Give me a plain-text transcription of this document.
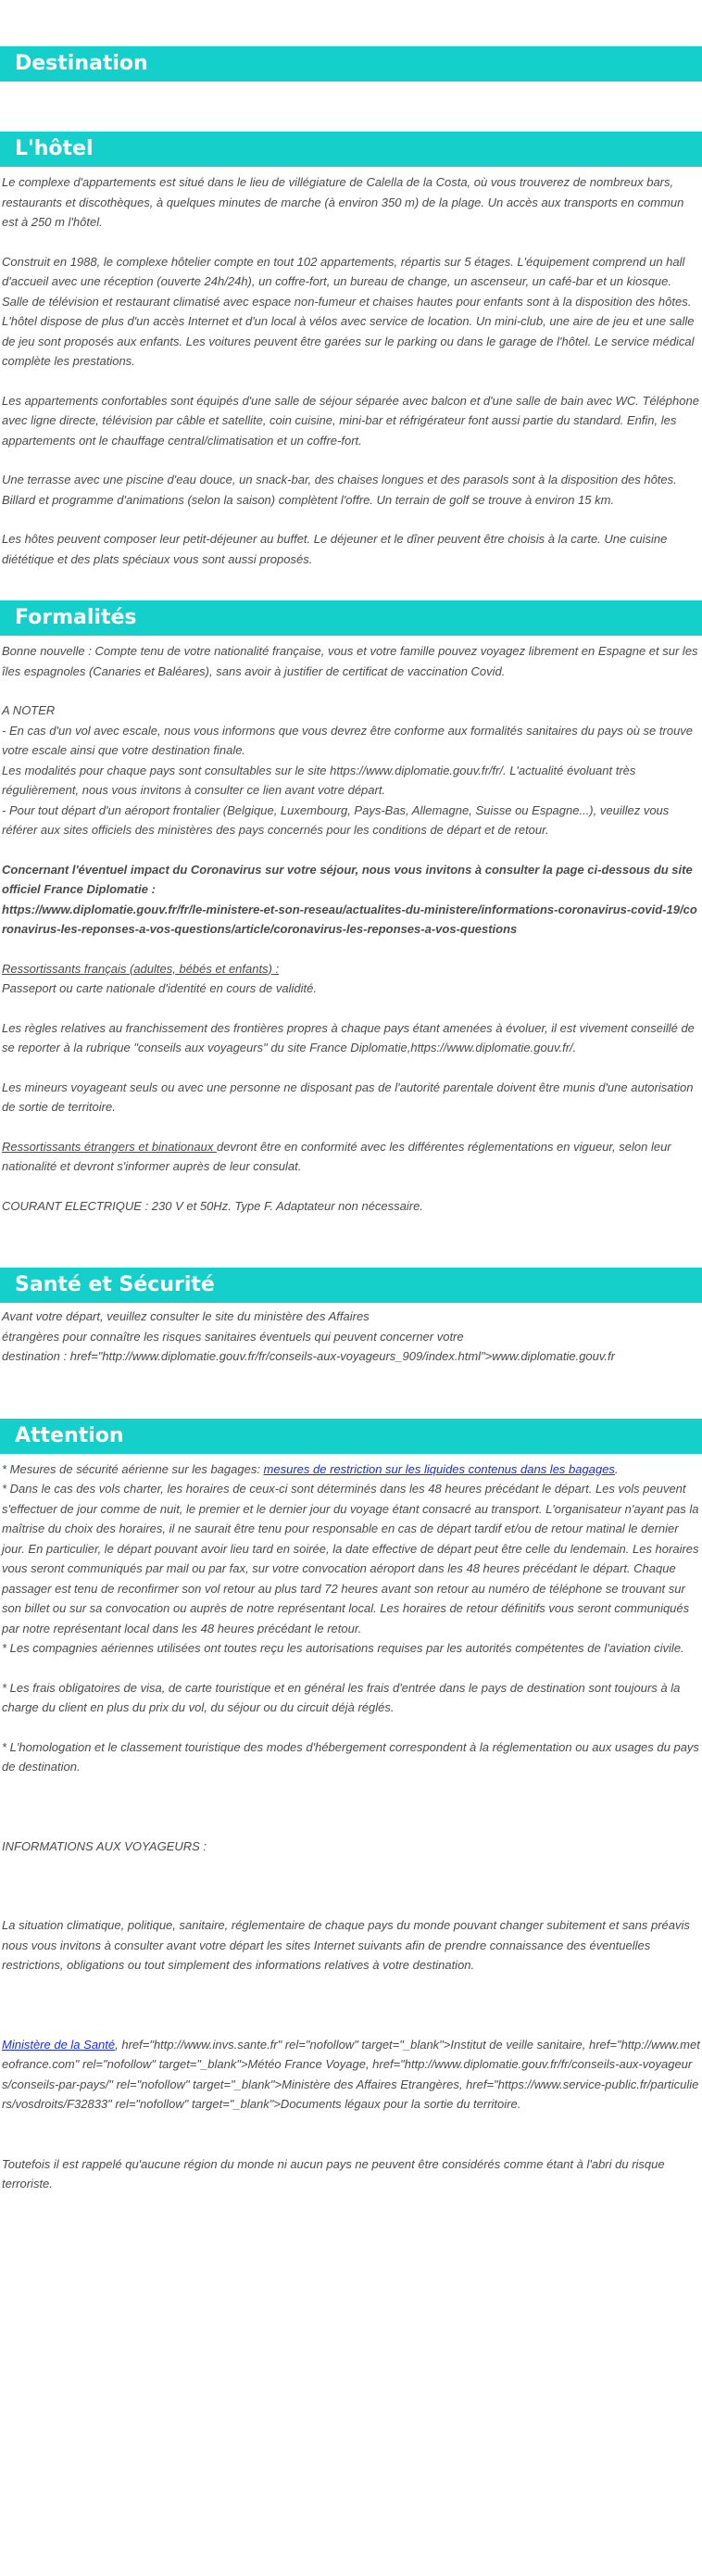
Destination
L'hôtel

Le complexe d'appartements est situé dans le lieu de villégiature de Calella de la Costa, où vous trouverez de nombreux bars, restaurants et discothèques, à quelques minutes de marche (à environ 350 m) de la plage. Un accès aux transports en commun est à 250 m l'hôtel.

Construit en 1988, le complexe hôtelier compte en tout 102 appartements, répartis sur 5 étages. L'équipement comprend un hall d'accueil avec une réception (ouverte 24h/24h), un coffre-fort, un bureau de change, un ascenseur, un café-bar et un kiosque. Salle de télévision et restaurant climatisé avec espace non-fumeur et chaises hautes pour enfants sont à la disposition des hôtes. L'hôtel dispose de plus d'un accès Internet et d'un local à vélos avec service de location. Un mini-club, une aire de jeu et une salle de jeu sont proposés aux enfants. Les voitures peuvent être garées sur le parking ou dans le garage de l'hôtel. Le service médical complète les prestations.

Les appartements confortables sont équipés d'une salle de séjour séparée avec balcon et d'une salle de bain avec WC. Téléphone avec ligne directe, télévision par câble et satellite, coin cuisine, mini-bar et réfrigérateur font aussi partie du standard. Enfin, les appartements ont le chauffage central/climatisation et un coffre-fort.

Une terrasse avec une piscine d'eau douce, un snack-bar, des chaises longues et des parasols sont à la disposition des hôtes. Billard et programme d'animations (selon la saison) complètent l'offre. Un terrain de golf se trouve à environ 15 km.

Les hôtes peuvent composer leur petit-déjeuner au buffet. Le déjeuner et le dîner peuvent être choisis à la carte. Une cuisine diététique et des plats spéciaux vous sont aussi proposés.

Formalités

Bonne nouvelle : Compte tenu de votre nationalité française, vous et votre famille pouvez voyagez librement en Espagne et sur les îles espagnoles (Canaries et Baléares), sans avoir à justifier de certificat de vaccination Covid.

A NOTER

- En cas d'un vol avec escale, nous vous informons que vous devrez être conforme aux formalités sanitaires du pays où se trouve votre escale ainsi que votre destination finale.

Les modalités pour chaque pays sont consultables sur le site https://www.diplomatie.gouv.fr/fr/. L'actualité évoluant très régulièrement, nous vous invitons à consulter ce lien avant votre départ.

- Pour tout départ d'un aéroport frontalier (Belgique, Luxembourg, Pays-Bas, Allemagne, Suisse ou Espagne...), veuillez vous référer aux sites officiels des ministères des pays concernés pour les conditions de départ et de retour.

Concernant l'éventuel impact du Coronavirus sur votre séjour, nous vous invitons à consulter la page ci-dessous du site officiel France Diplomatie :

https://www.diplomatie.gouv.fr/fr/le-ministere-et-son-reseau/actualites-du-ministere/informations-coronavirus-covid-19/coronavirus-les-reponses-a-vos-questions/article/coronavirus-les-reponses-a-vos-questions

Ressortissants français (adultes, bébés et enfants) :

Passeport ou carte nationale d'identité en cours de validité.

Les règles relatives au franchissement des frontières propres à chaque pays étant amenées à évoluer, il est vivement conseillé de se reporter à la rubrique "conseils aux voyageurs" du site France Diplomatie,https://www.diplomatie.gouv.fr/.

Les mineurs voyageant seuls ou avec une personne ne disposant pas de l'autorité parentale doivent être munis d'une autorisation de sortie de territoire.

Ressortissants étrangers et binationaux devront être en conformité avec les différentes réglementations en vigueur, selon leur nationalité et devront s'informer auprès de leur consulat.

COURANT ELECTRIQUE : 230 V et 50Hz. Type F. Adaptateur non nécessaire.

Santé et Sécurité

Avant votre départ, veuillez consulter le site du ministère des Affaires

étrangères pour connaître les risques sanitaires éventuels qui peuvent concerner votre

destination : href="http://www.diplomatie.gouv.fr/fr/conseils-aux-voyageurs_909/index.html">www.diplomatie.gouv.fr

Attention

* Mesures de sécurité aérienne sur les bagages: mesures de restriction sur les liquides contenus dans les bagages.

* Dans le cas des vols charter, les horaires de ceux-ci sont déterminés dans les 48 heures précédant le départ. Les vols peuvent s'effectuer de jour comme de nuit, le premier et le dernier jour du voyage étant consacré au transport. L'organisateur n'ayant pas la maîtrise du choix des horaires, il ne saurait être tenu pour responsable en cas de départ tardif et/ou de retour matinal le dernier jour. En particulier, le départ pouvant avoir lieu tard en soirée, la date effective de départ peut être celle du lendemain. Les horaires vous seront communiqués par mail ou par fax, sur votre convocation aéroport dans les 48 heures précédant le départ. Chaque passager est tenu de reconfirmer son vol retour au plus tard 72 heures avant son retour au numéro de téléphone se trouvant sur son billet ou sur sa convocation ou auprès de notre représentant local. Les horaires de retour définitifs vous seront communiqués par notre représentant local dans les 48 heures précédant le retour.

* Les compagnies aériennes utilisées ont toutes reçu les autorisations requises par les autorités compétentes de l'aviation civile.

* Les frais obligatoires de visa, de carte touristique et en général les frais d'entrée dans le pays de destination sont toujours à la charge du client en plus du prix du vol, du séjour ou du circuit déjà réglés.

* L'homologation et le classement touristique des modes d'hébergement correspondent à la réglementation ou aux usages du pays de destination.

INFORMATIONS AUX VOYAGEURS :

La situation climatique, politique, sanitaire, réglementaire de chaque pays du monde pouvant changer subitement et sans préavis

nous vous invitons à consulter avant votre départ les sites Internet suivants afin de prendre connaissance des éventuelles restrictions, obligations ou tout simplement des informations relatives à votre destination.

Ministère de la Santé, href="http://www.invs.sante.fr" rel="nofollow" target="_blank">Institut de veille sanitaire, href="http://www.meteofrance.com" rel="nofollow" target="_blank">Météo France Voyage, href="http://www.diplomatie.gouv.fr/fr/conseils-aux-voyageurs/conseils-par-pays/" rel="nofollow" target="_blank">Ministère des Affaires Etrangères, href="https://www.service-public.fr/particuliers/vosdroits/F32833" rel="nofollow" target="_blank">Documents légaux pour la sortie du territoire.

Toutefois il est rappelé qu'aucune région du monde ni aucun pays ne peuvent être considérés comme étant à l'abri du risque terroriste.
